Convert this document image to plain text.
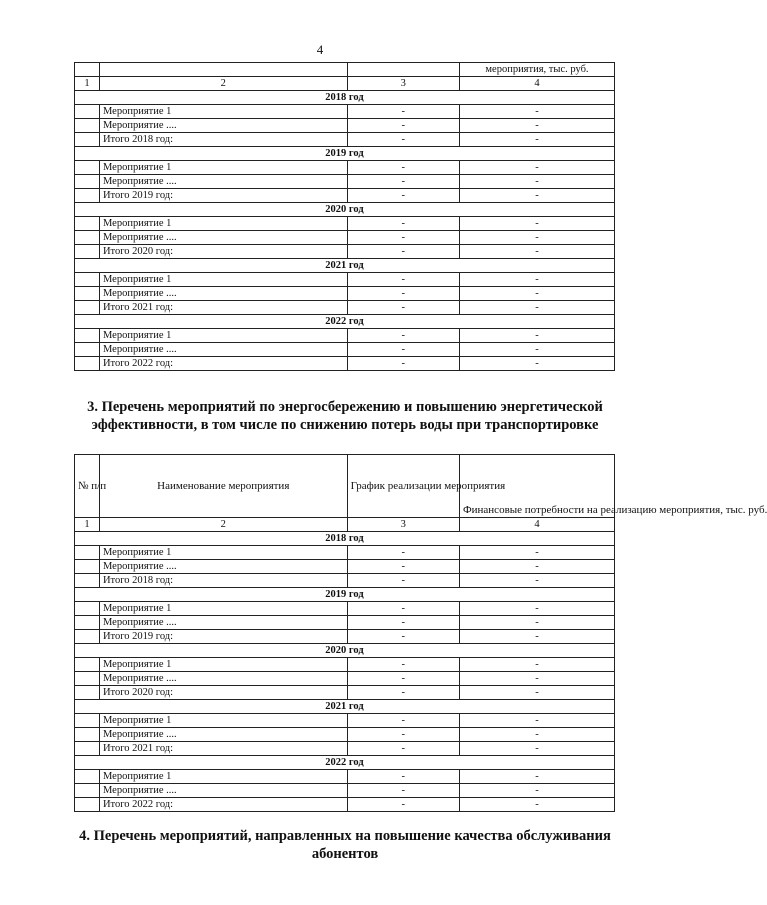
4
			мероприятия, тыс. руб.
1	2	3	4
2018 год			
	Мероприятие 1	-	-
	Мероприятие ....	-	-
	Итого 2018 год:	-	-
2019 год			
	Мероприятие 1	-	-
	Мероприятие ....	-	-
	Итого 2019 год:	-	-
2020 год			
	Мероприятие 1	-	-
	Мероприятие ....	-	-
	Итого 2020 год:	-	-
2021 год			
	Мероприятие 1	-	-
	Мероприятие ....	-	-
	Итого 2021 год:	-	-
2022 год			
	Мероприятие 1	-	-
	Мероприятие ....	-	-
	Итого 2022 год:	-	-
3. Перечень мероприятий по энергосбережению и повышению энергетической эффективности, в том числе по снижению потерь воды при транспортировке
№ п/п	Наименование мероприятия	График реализации мероприятия	Финансовые потребности на реализацию мероприятия, тыс. руб.
1	2	3	4
2018 год			
	Мероприятие 1	-	-
	Мероприятие ....	-	-
	Итого 2018 год:	-	-
2019 год			
	Мероприятие 1	-	-
	Мероприятие ....	-	-
	Итого 2019 год:	-	-
2020 год			
	Мероприятие 1	-	-
	Мероприятие ....	-	-
	Итого 2020 год:	-	-
2021 год			
	Мероприятие 1	-	-
	Мероприятие ....	-	-
	Итого 2021 год:	-	-
2022 год			
	Мероприятие 1	-	-
	Мероприятие ....	-	-
	Итого 2022 год:	-	-
4. Перечень мероприятий, направленных на повышение качества обслуживания абонентов
